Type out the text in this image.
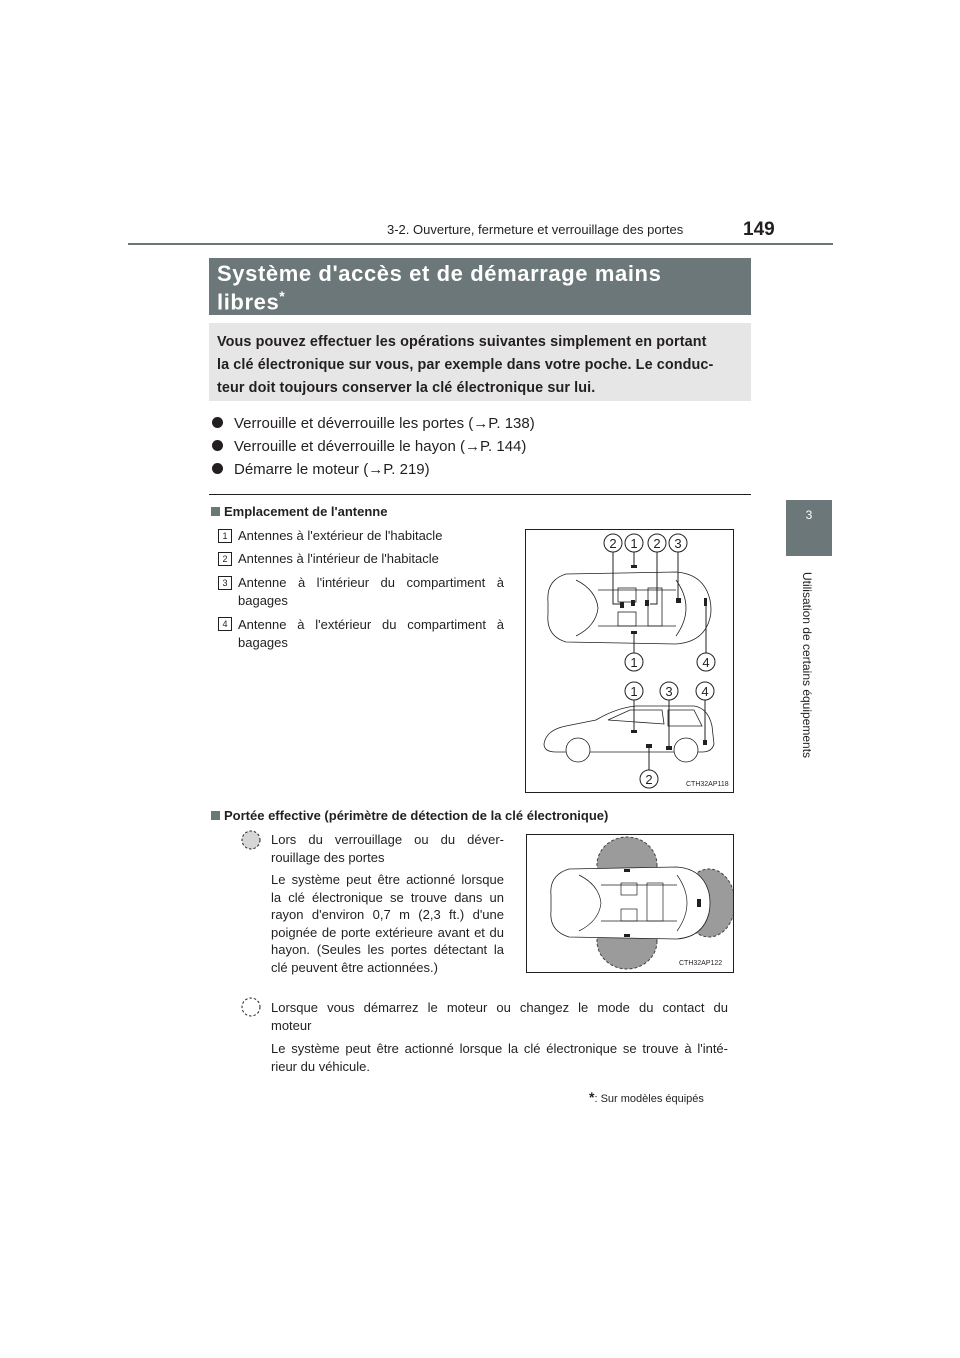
3-2. Ouverture, fermeture et verrouillage des portes	149
3
Utilisation de certains équipements
Système d'accès et de démarrage mains
libres*
Vous pouvez effectuer les opérations suivantes simplement en portant
la clé électronique sur vous, par exemple dans votre poche. Le conduc-
teur doit toujours conserver la clé électronique sur lui.
Verrouille et déverrouille les portes (→P. 138)
Verrouille et déverrouille le hayon (→P. 144)
Démarre le moteur (→P. 219)
Emplacement de l'antenne
1 Antennes à l'extérieur de l'habitacle
2 Antennes à l'intérieur de l'habitacle
3 Antenne à l'intérieur du compartiment à
bagages
4 Antenne à l'extérieur du compartiment à
bagages
2 1 2 3
1	4
1 3 4
2	CTH32AP118
Portée effective (périmètre de détection de la clé électronique)
Lors du verrouillage ou du déver-
rouillage des portes
Le système peut être actionné lorsque
la clé électronique se trouve dans un
rayon d'environ 0,7 m (2,3 ft.) d'une
poignée de porte extérieure avant et du
hayon. (Seules les portes détectant la
clé peuvent être actionnées.)	CTH32AP122
Lorsque vous démarrez le moteur ou changez le mode du contact du
moteur
Le système peut être actionné lorsque la clé électronique se trouve à l'inté-
rieur du véhicule.
*: Sur modèles équipés
